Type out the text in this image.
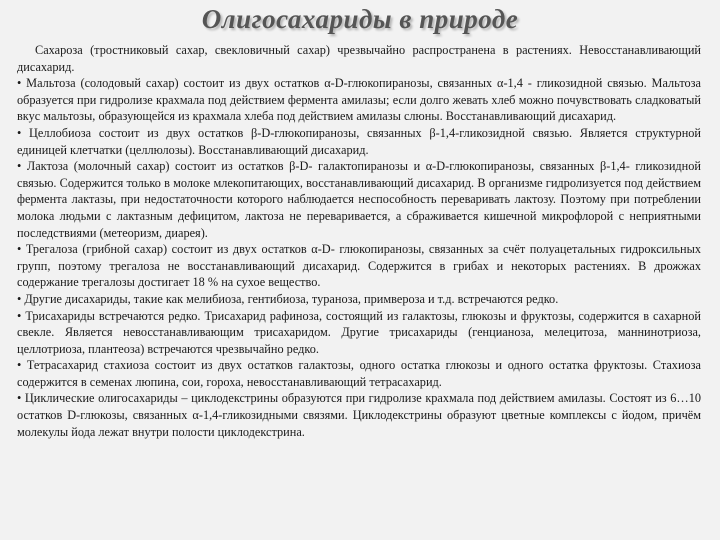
Олигосахариды в природе

Сахароза (тростниковый сахар, свекловичный сахар) чрезвычайно распространена в растениях. Невосстанавливающий дисахарид.

• Мальтоза (солодовый сахар) состоит из двух остатков α-D-глюкопиранозы, связанных α-1,4 - гликозидной связью. Мальтоза образуется при гидролизе крахмала под действием фермента амилазы; если долго жевать хлеб можно почувствовать сладковатый вкус мальтозы, образующейся из крахмала хлеба под действием амилазы слюны. Восстанавливающий дисахарид.

• Целлобиоза состоит из двух остатков β-D-глюкопиранозы, связанных β-1,4-гликозидной связью. Является структурной единицей клетчатки (целлюлозы). Восстанавливающий дисахарид.

• Лактоза (молочный сахар) состоит из остатков β-D- галактопиранозы и α-D-глюкопиранозы, связанных β-1,4- гликозидной связью. Содержится только в молоке млекопитающих, восстанавливающий дисахарид. В организме гидролизуется под действием фермента лактазы, при недостаточности которого наблюдается неспособность переваривать лактозу. Поэтому при потреблении молока людьми с лактазным дефицитом, лактоза не переваривается, а сбраживается кишечной микрофлорой с неприятными последствиями (метеоризм, диарея).

• Трегалоза (грибной сахар) состоит из двух остатков α-D- глюкопиранозы, связанных за счёт полуацетальных гидроксильных групп, поэтому трегалоза не восстанавливающий дисахарид. Содержится в грибах и некоторых растениях. В дрожжах содержание трегалозы достигает 18 % на сухое вещество.

• Другие дисахариды, такие как мелибиоза, гентибиоза, тураноза, примвероза и т.д. встречаются редко.

• Трисахариды встречаются редко. Трисахарид рафиноза, состоящий из галактозы, глюкозы и фруктозы, содержится в сахарной свекле. Является невосстанавливающим трисахаридом. Другие трисахариды (генцианоза, мелецитоза, маннинотриоза, целлотриоза, плантеоза) встречаются чрезвычайно редко.

• Тетрасахарид стахиоза состоит из двух остатков галактозы, одного остатка глюкозы и одного остатка фруктозы. Стахиоза содержится в семенах люпина, сои, гороха, невосстанавливающий тетрасахарид.

• Циклические олигосахариды – циклодекстрины образуются при гидролизе крахмала под действием амилазы. Состоят из 6…10 остатков D-глюкозы, связанных α-1,4-гликозидными связями. Циклодекстрины образуют цветные комплексы с йодом, причём молекулы йода лежат внутри полости циклодекстрина.
